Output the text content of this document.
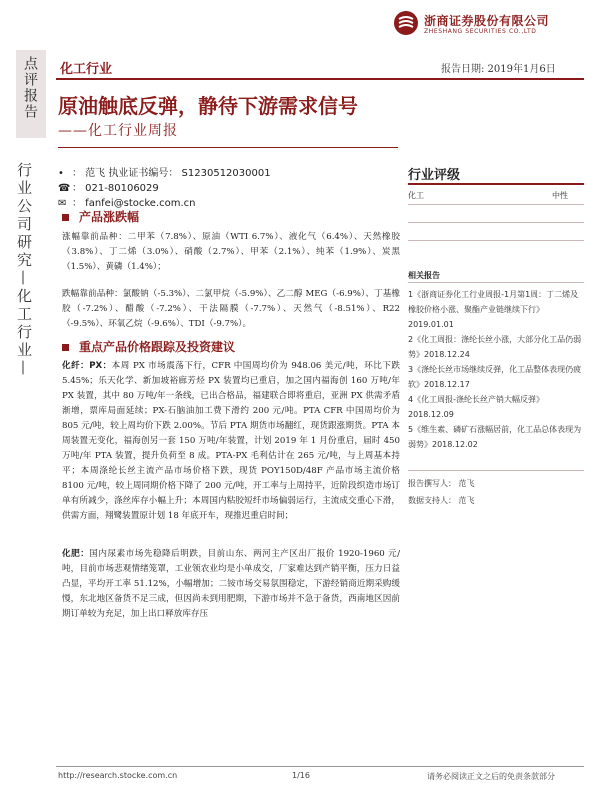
浙商证券股份有限公司
ZHESHANG SECURITIES CO.,LTD
点评报告
行业公司研究—化工行业—
化工行业	报告日期: 2019年1月6日
原油触底反弹，静待下游需求信号
——化工行业周报
• ： 范飞 执业证书编号： S1230512030001
☎ ： 021-80106029
✉ ： fanfei@stocke.com.cn
行业评级
化工	中性
相关报告
1《浙商证券化工行业周报-1月第1周：丁二烯及橡胶价格小涨、聚酯产业链继续下行》2019.01.01
2《化工周报：涤纶长丝小涨，大部分化工品仍弱势》2018.12.24
3《涤纶长丝市场继续反弹，化工品整体表现仍疲软》2018.12.17
4《化工周报-涤纶长丝产销大幅反弹》2018.12.09
5《维生素、磷矿石涨幅居前，化工品总体表现为弱势》2018.12.02
报告撰写人： 范飞
数据支持人： 范飞
产品涨跌幅
涨幅靠前品种：二甲苯（7.8%）、原油（WTI 6.7%）、液化气（6.4%）、天然橡胶（3.8%）、丁二烯（3.0%）、硝酸（2.7%）、甲苯（2.1%）、纯苯（1.9%）、炭黑（1.5%）、黄磷（1.4%）；
跌幅靠前品种：氯酸钠（-5.3%）、二氯甲烷（-5.9%）、乙二醇 MEG（-6.9%）、丁基橡胶（-7.2%）、醋酸（-7.2%）、干法隔膜（-7.7%）、天然气（-8.51%）、R22（-9.5%）、环氧乙烷（-9.6%）、TDI（-9.7%）。
重点产品价格跟踪及投资建议
化纤：PX：本周 PX 市场震荡下行，CFR 中国周均价为 948.06 美元/吨，环比下跌 5.45%；乐天化学、新加坡裕廊芳烃 PX 装置均已重启，加之国内福海创 160 万吨/年 PX 装置，其中 80 万吨/年一条线，已出合格品，福建联合即将重启，亚洲 PX 供需矛盾渐增，票库局面延续；PX-石脑油加工费下滑约 200 元/吨。PTA CFR 中国周均价为 805 元/吨，较上周均价下跌 2.00%。节后 PTA 期货市场翻红，现货跟涨期货。PTA 本周装置无变化，福海创另一套 150 万吨/年装置，计划 2019 年 1 月份重启，届时 450 万吨/年 PTA 装置，提升负荷至 8 成。PTA-PX 毛利估计在 265 元/吨，与上周基本持平；本周涤纶长丝主流产品市场价格下跌，现货 POY150D/48F 产品市场主流价格 8100 元/吨，较上周同期价格下降了 200 元/吨，开工率与上周持平，近阶段织造市场订单有所减少，涤丝库存小幅上升；本周国内粘胶短纤市场偏弱运行，主流成交重心下滑，供需方面，翔鹭装置原计划 18 年底开车，现推迟重启时间；
化肥：国内尿素市场先稳降后明跌，目前山东、两河主产区出厂报价 1920-1960 元/吨，目前市场悲观情绪笼罩，工业领农业均是小单成交，厂家难达到产销平衡，压力日益凸显，平均开工率 51.12%，小幅增加；二铵市场交易氛围稳定，下游经销商近期采购缓慢，东北地区备货不足三成，但因尚未到用肥期，下游市场并不急于备货，西南地区因前期订单较为充足，加上出口释放库存压
http://research.stocke.com.cn	1/16	请务必阅读正文之后的免责条款部分
